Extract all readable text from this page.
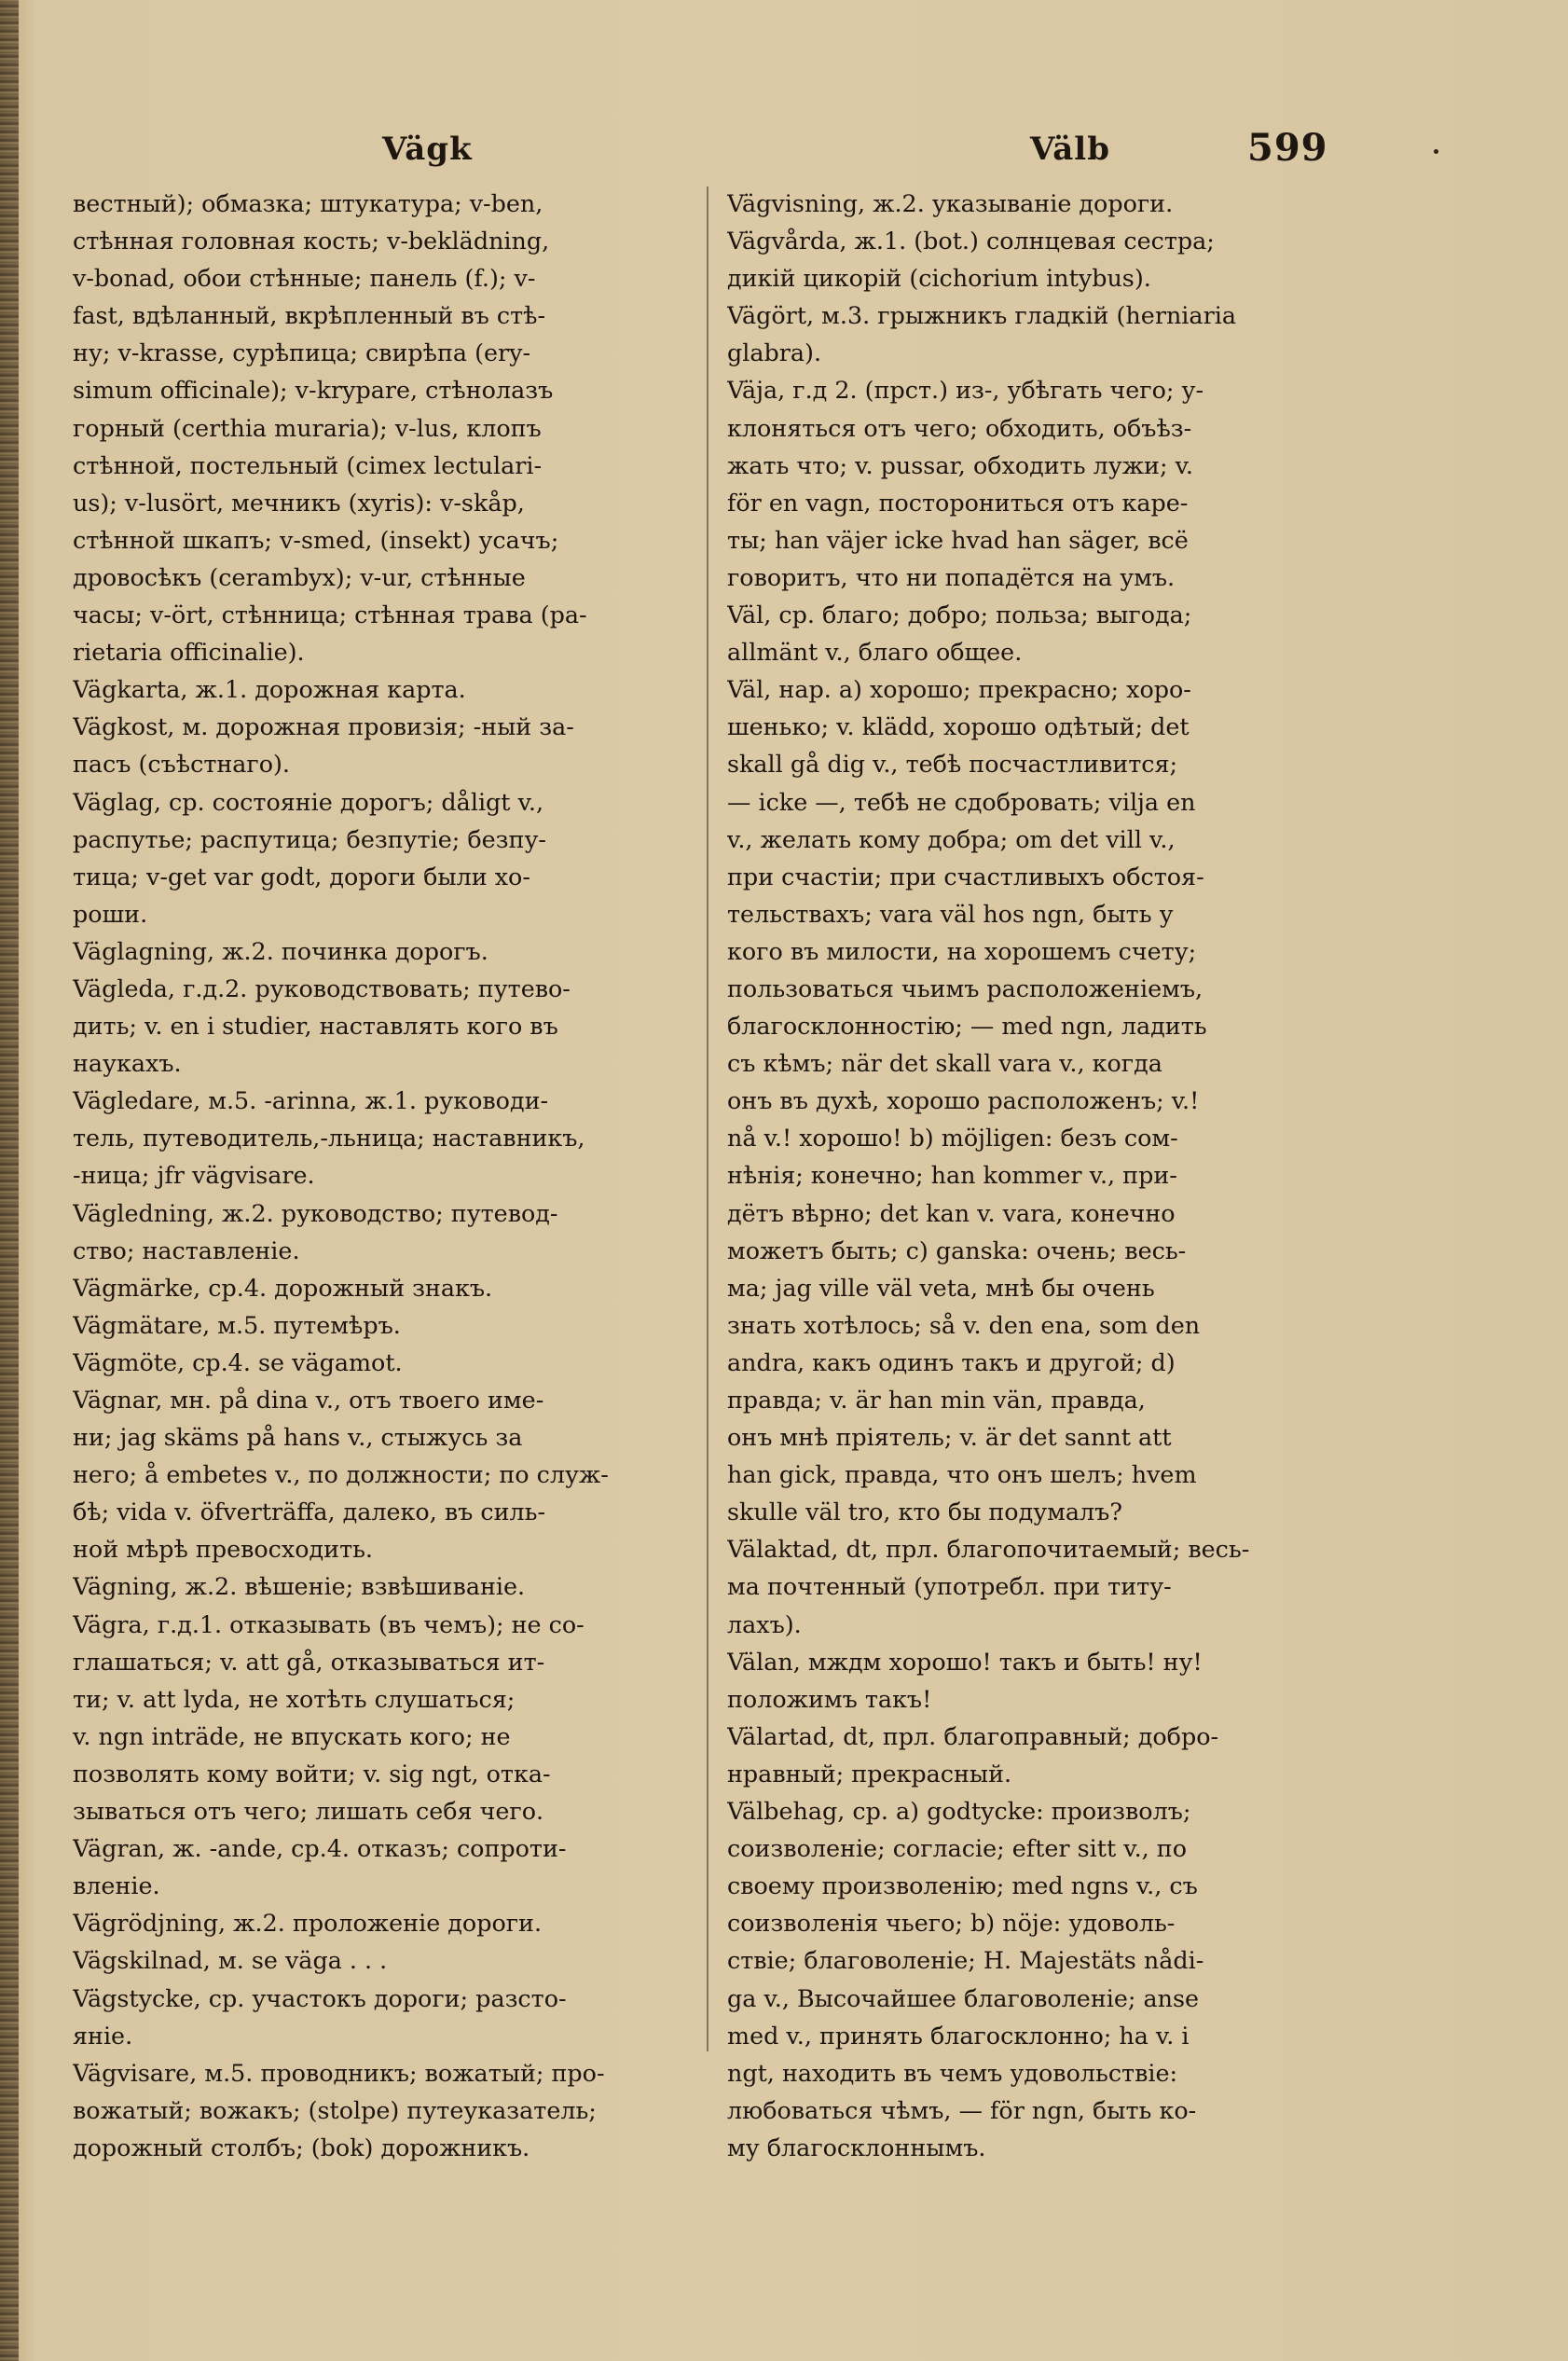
Vägk	Välb	599
вестный); обмазка; штукатура; v-ben,
стѣнная головная кость; v-beklädning,
v-bonad, обои стѣнные; панель (f.); v-
fast, вдѣланный, вкрѣпленный въ стѣ-
ну; v-krasse, сурѣпица; свирѣпа (ery-
simum officinale); v-krypare, стѣнолазъ
горный (certhia muraria); v-lus, клопъ
стѣнной, постельный (cimex lectulari-
us); v-lusört, мечникъ (xyris): v-skåp,
стѣнной шкапъ; v-smed, (insekt) усачъ;
дровосѣкъ (cerambyx); v-ur, стѣнные
часы; v-ört, стѣнница; стѣнная трава (pa-
rietaria officinalie).
Vägkarta, ж.1. дорожная карта.
Vägkost, м. дорожная провизія; -ный за-
пасъ (съѣстнаго).
Väglag, ср. состояніе дорогъ; dåligt v.,
распутье; распутица; безпутіе; безпу-
тица; v-get var godt, дороги были хо-
роши.
Väglagning, ж.2. починка дорогъ.
Vägleda, г.д.2. руководствовать; путево-
дить; v. en i studier, наставлять кого въ
наукахъ.
Vägledare, м.5. -arinna, ж.1. руководи-
тель, путеводитель,-льница; наставникъ,
-ница; jfr vägvisare.
Vägledning, ж.2. руководство; путевод-
ство; наставленіе.
Vägmärke, ср.4. дорожный знакъ.
Vägmätare, м.5. путемѣръ.
Vägmöte, ср.4. se vägamot.
Vägnar, мн. på dina v., отъ твоего име-
ни; jag skäms på hans v., стыжусь за
него; å embetes v., по должности; по служ-
бѣ; vida v. öfverträffa, далеко, въ силь-
ной мѣрѣ превосходить.
Vägning, ж.2. вѣшеніе; взвѣшиваніе.
Vägra, г.д.1. отказывать (въ чемъ); не со-
глашаться; v. att gå, отказываться ит-
ти; v. att lyda, не хотѣть слушаться;
v. ngn inträde, не впускать кого; не
позволять кому войти; v. sig ngt, отка-
зываться отъ чего; лишать себя чего.
Vägran, ж. -ande, ср.4. отказъ; сопроти-
вленіе.
Vägrödjning, ж.2. проложеніе дороги.
Vägskilnad, м. se väga . . .
Vägstycke, ср. участокъ дороги; разсто-
яніе.
Vägvisare, м.5. проводникъ; вожатый; про-
вожатый; вожакъ; (stolpe) путеуказатель;
дорожный столбъ; (bok) дорожникъ.
Vägvisning, ж.2. указываніе дороги.
Vägvårda, ж.1. (bot.) солнцевая сестра;
дикій цикорій (cichorium intybus).
Vägört, м.3. грыжникъ гладкій (herniaria
glabra).
Väja, г.д 2. (прст.) из-, убѣгать чего; у-
клоняться отъ чего; обходить, объѣз-
жать что; v. pussar, обходить лужи; v.
för en vagn, посторониться отъ каре-
ты; han väjer icke hvad han säger, всё
говоритъ, что ни попадётся на умъ.
Väl, ср. благо; добро; польза; выгода;
allmänt v., благо общее.
Väl, нар. a) хорошо; прекрасно; хоро-
шенько; v. klädd, хорошо одѣтый; det
skall gå dig v., тебѣ посчастливится;
— icke —, тебѣ не сдобровать; vilja en
v., желать кому добра; om det vill v.,
при счастіи; при счастливыхъ обстоя-
тельствахъ; vara väl hos ngn, быть у
кого въ милости, на хорошемъ счету;
пользоваться чьимъ расположеніемъ,
благосклонностію; — med ngn, ладить
съ кѣмъ; när det skall vara v., когда
онъ въ духѣ, хорошо расположенъ; v.!
nå v.! хорошо! b) möjligen: безъ сом-
нѣнія; конечно; han kommer v., при-
дётъ вѣрно; det kan v. vara, конечно
можетъ быть; c) ganska: очень; весь-
ма; jag ville väl veta, мнѣ бы очень
знать хотѣлось; så v. den ena, som den
andra, какъ одинъ такъ и другой; d)
правда; v. är han min vän, правда,
онъ мнѣ пріятель; v. är det sannt att
han gick, правда, что онъ шелъ; hvem
skulle väl tro, кто бы подумалъ?
Välaktad, dt, прл. благопочитаемый; весь-
ма почтенный (употребл. при титу-
лахъ).
Välan, мждм хорошо! такъ и быть! ну!
положимъ такъ!
Välartad, dt, прл. благоправный; добро-
нравный; прекрасный.
Välbehag, ср. a) godtycke: произволъ;
соизволеніе; согласіе; efter sitt v., по
своему произволенію; med ngns v., съ
соизволенія чьего; b) nöje: удоволь-
ствіе; благоволеніе; H. Majestäts nådi-
ga v., Высочайшее благоволеніе; anse
med v., принять благосклонно; ha v. i
ngt, находить въ чемъ удовольствіе:
любоваться чѣмъ, — för ngn, быть ко-
му благосклоннымъ.
